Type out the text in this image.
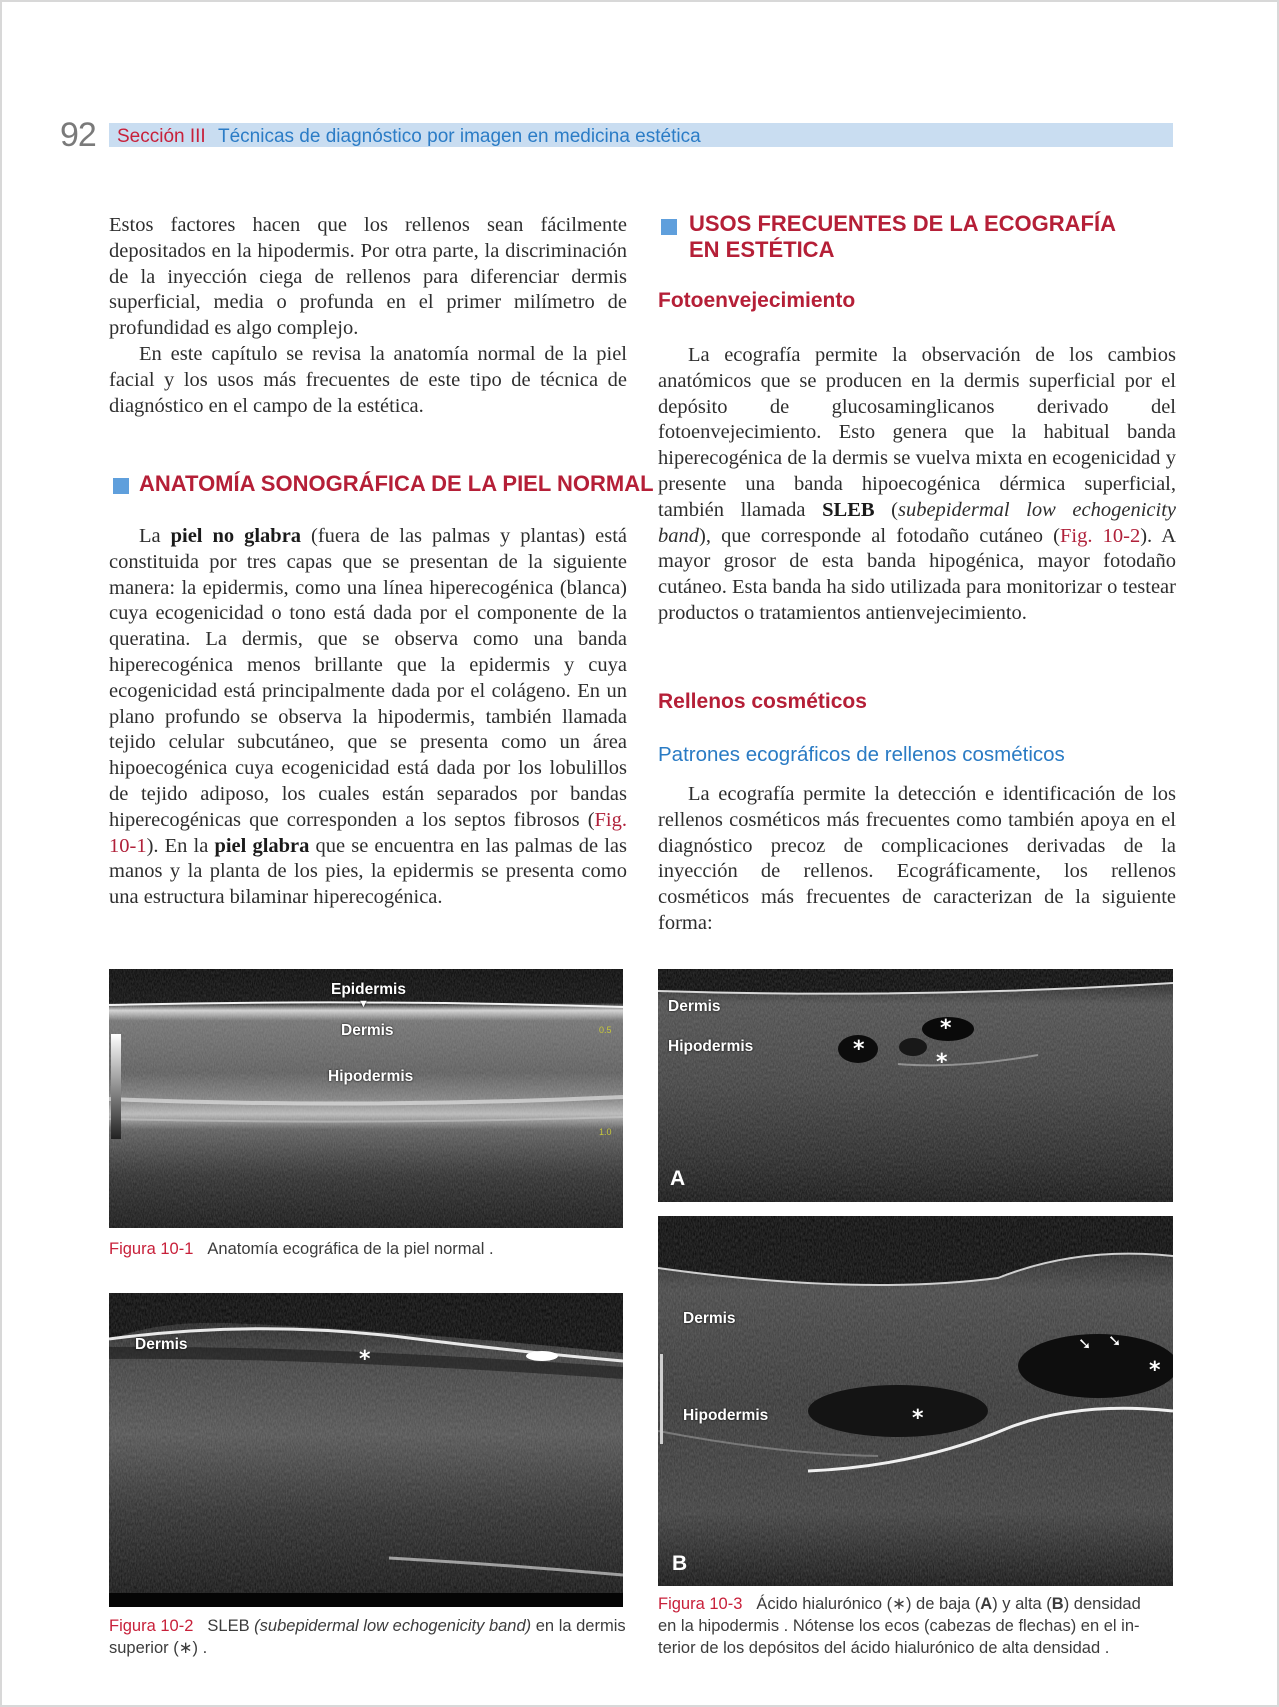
92 Sección III Técnicas de diagnóstico por imagen en medicina estética

Estos factores hacen que los rellenos sean fácilmente depositados en la hipodermis. Por otra parte, la discriminación de la inyección ciega de rellenos para diferenciar dermis superficial, media o profunda en el primer milímetro de profundidad es algo complejo.

En este capítulo se revisa la anatomía normal de la piel facial y los usos más frecuentes de este tipo de técnica de diagnóstico en el campo de la estética.

ANATOMÍA SONOGRÁFICA DE LA PIEL NORMAL

La piel no glabra (fuera de las palmas y plantas) está constituida por tres capas que se presentan de la siguiente manera: la epidermis, como una línea hiperecogénica (blanca) cuya ecogenicidad o tono está dada por el componente de la queratina. La dermis, que se observa como una banda hiperecogénica menos brillante que la epidermis y cuya ecogenicidad está principalmente dada por el colágeno. En un plano profundo se observa la hipodermis, también llamada tejido celular subcutáneo, que se presenta como un área hipoecogénica cuya ecogenicidad está dada por los lobulillos de tejido adiposo, los cuales están separados por bandas hiperecogénicas que corresponden a los septos fibrosos (Fig. 10-1). En la piel glabra que se encuentra en las palmas de las manos y la planta de los pies, la epidermis se presenta como una estructura bilaminar hiperecogénica.

USOS FRECUENTES DE LA ECOGRAFÍA
EN ESTÉTICA
Fotoenvejecimiento

La ecografía permite la observación de los cambios anatómicos que se producen en la dermis superficial por el depósito de glucosaminglicanos derivado del fotoenvejecimiento. Esto genera que la habitual banda hiperecogénica de la dermis se vuelva mixta en ecogenicidad y presente una banda hipoecogénica dérmica superficial, también llamada SLEB (subepidermal low echogenicity band), que corresponde al fotodaño cutáneo (Fig. 10-2). A mayor grosor de esta banda hipogénica, mayor fotodaño cutáneo. Esta banda ha sido utilizada para monitorizar o testear productos o tratamientos antienvejecimiento.

Rellenos cosméticos
Patrones ecográficos de rellenos cosméticos

La ecografía permite la detección e identificación de los rellenos cosméticos más frecuentes como también apoya en el diagnóstico precoz de complicaciones derivadas de la inyección de rellenos. Ecográficamente, los rellenos cosméticos más frecuentes de caracterizan de la siguiente forma:

0.5
1.0
Epidermis
▼
Dermis
Hipodermis
Figura 10-1 Anatomía ecográfica de la piel normal .
Dermis
*
Figura 10-2 SLEB (subepidermal low echogenicity band) en la dermis superior (∗) .
Dermis
Hipodermis	*
*
*
A
Dermis
Hipodermis	*
*
➘ ➘
B
Figura 10-3 Ácido hialurónico (∗) de baja (A) y alta (B) densidad
en la hipodermis . Nótense los ecos (cabezas de flechas) en el in-
terior de los depósitos del ácido hialurónico de alta densidad .
